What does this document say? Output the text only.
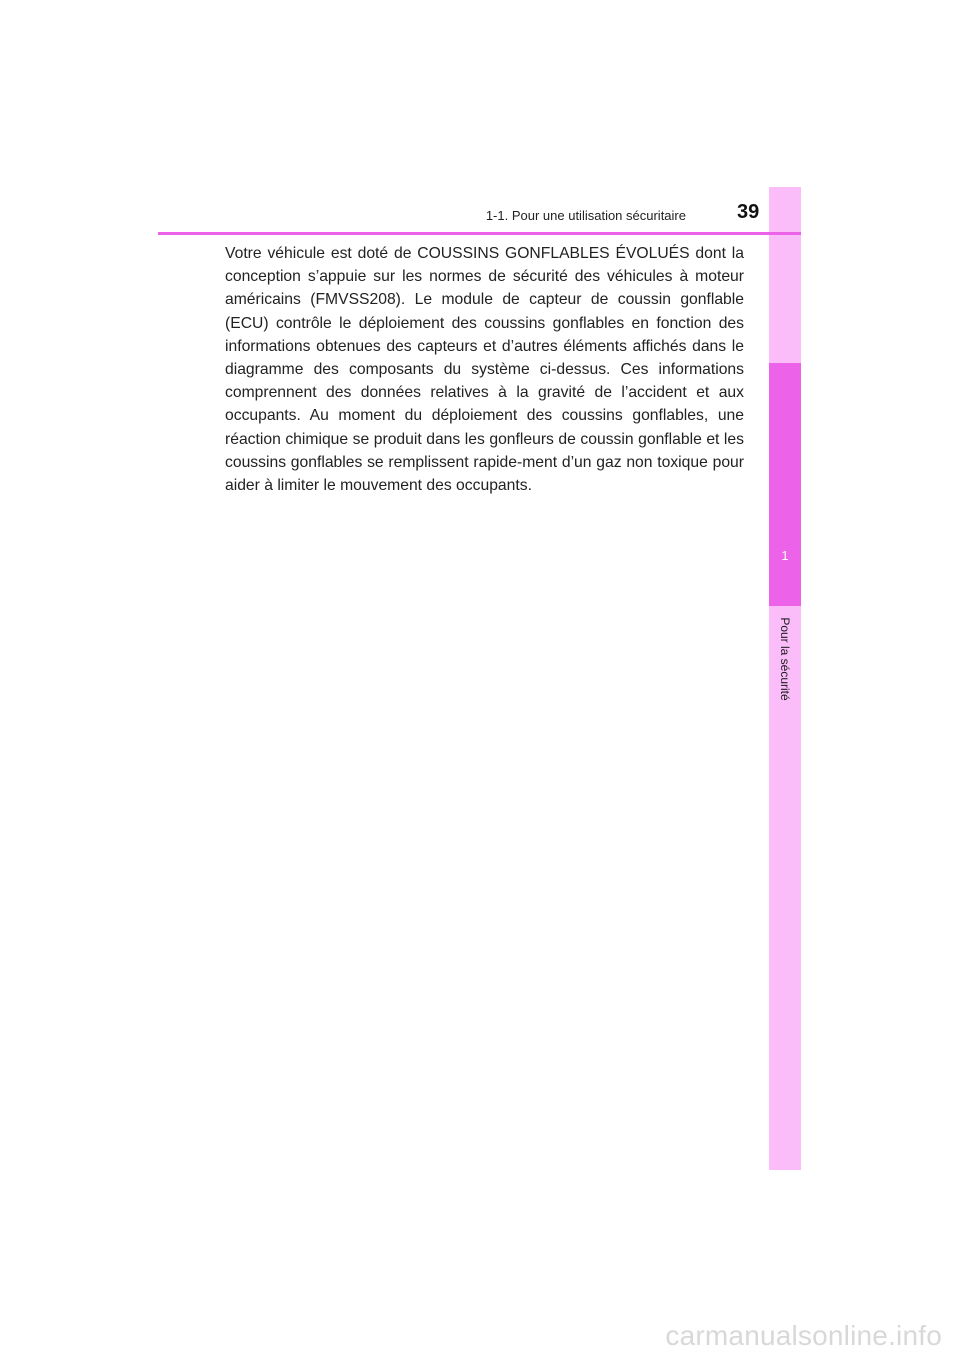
1
Pour la sécurité
1-1. Pour une utilisation sécuritaire	39

Votre véhicule est doté de COUSSINS GONFLABLES ÉVOLUÉS dont la conception s’appuie sur les normes de sécurité des véhicules à moteur américains (FMVSS208). Le module de capteur de coussin gonflable (ECU) contrôle le déploiement des coussins gonflables en fonction des informations obtenues des capteurs et d’autres éléments affichés dans le diagramme des composants du système ci-dessus. Ces informations comprennent des données relatives à la gravité de l’accident et aux occupants. Au moment du déploiement des coussins gonflables, une réaction chimique se produit dans les gonfleurs de coussin gonflable et les coussins gonflables se remplissent rapide-ment d’un gaz non toxique pour aider à limiter le mouvement des occupants.

carmanualsonline.info
